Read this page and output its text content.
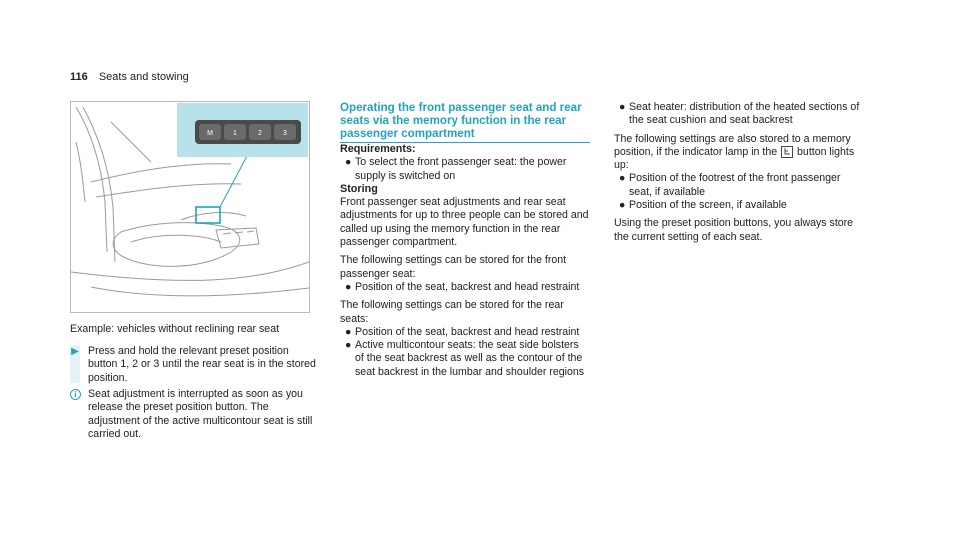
116 Seats and stowing
M	1	2	3

Example: vehicles without reclining rear seat

▶ Press and hold the relevant preset position button 1, 2 or 3 until the rear seat is in the stored position.

i	Seat adjustment is interrupted as soon as you release the preset position button. The adjustment of the active multicontour seat is still carried out.

Operating the front passenger seat and rear seats via the memory function in the rear passenger compartment
Requirements:
● To select the front passenger seat: the power supply is switched on
Storing

Front passenger seat adjustments and rear seat adjustments for up to three people can be stored and called up using the memory function in the rear passenger compartment.

The following settings can be stored for the front passenger seat:

● Position of the seat, backrest and head restraint

The following settings can be stored for the rear seats:

● Position of the seat, backrest and head restraint
● Active multicontour seats: the seat side bolsters of the seat backrest as well as the contour of the seat backrest in the lumbar and shoulder regions
● Seat heater: distribution of the heated sections of the seat cushion and seat backrest

The following settings are also stored to a memory position, if the indicator lamp in the button lights up:

● Position of the footrest of the front passenger seat, if available
● Position of the screen, if available

Using the preset position buttons, you always store the current setting of each seat.
